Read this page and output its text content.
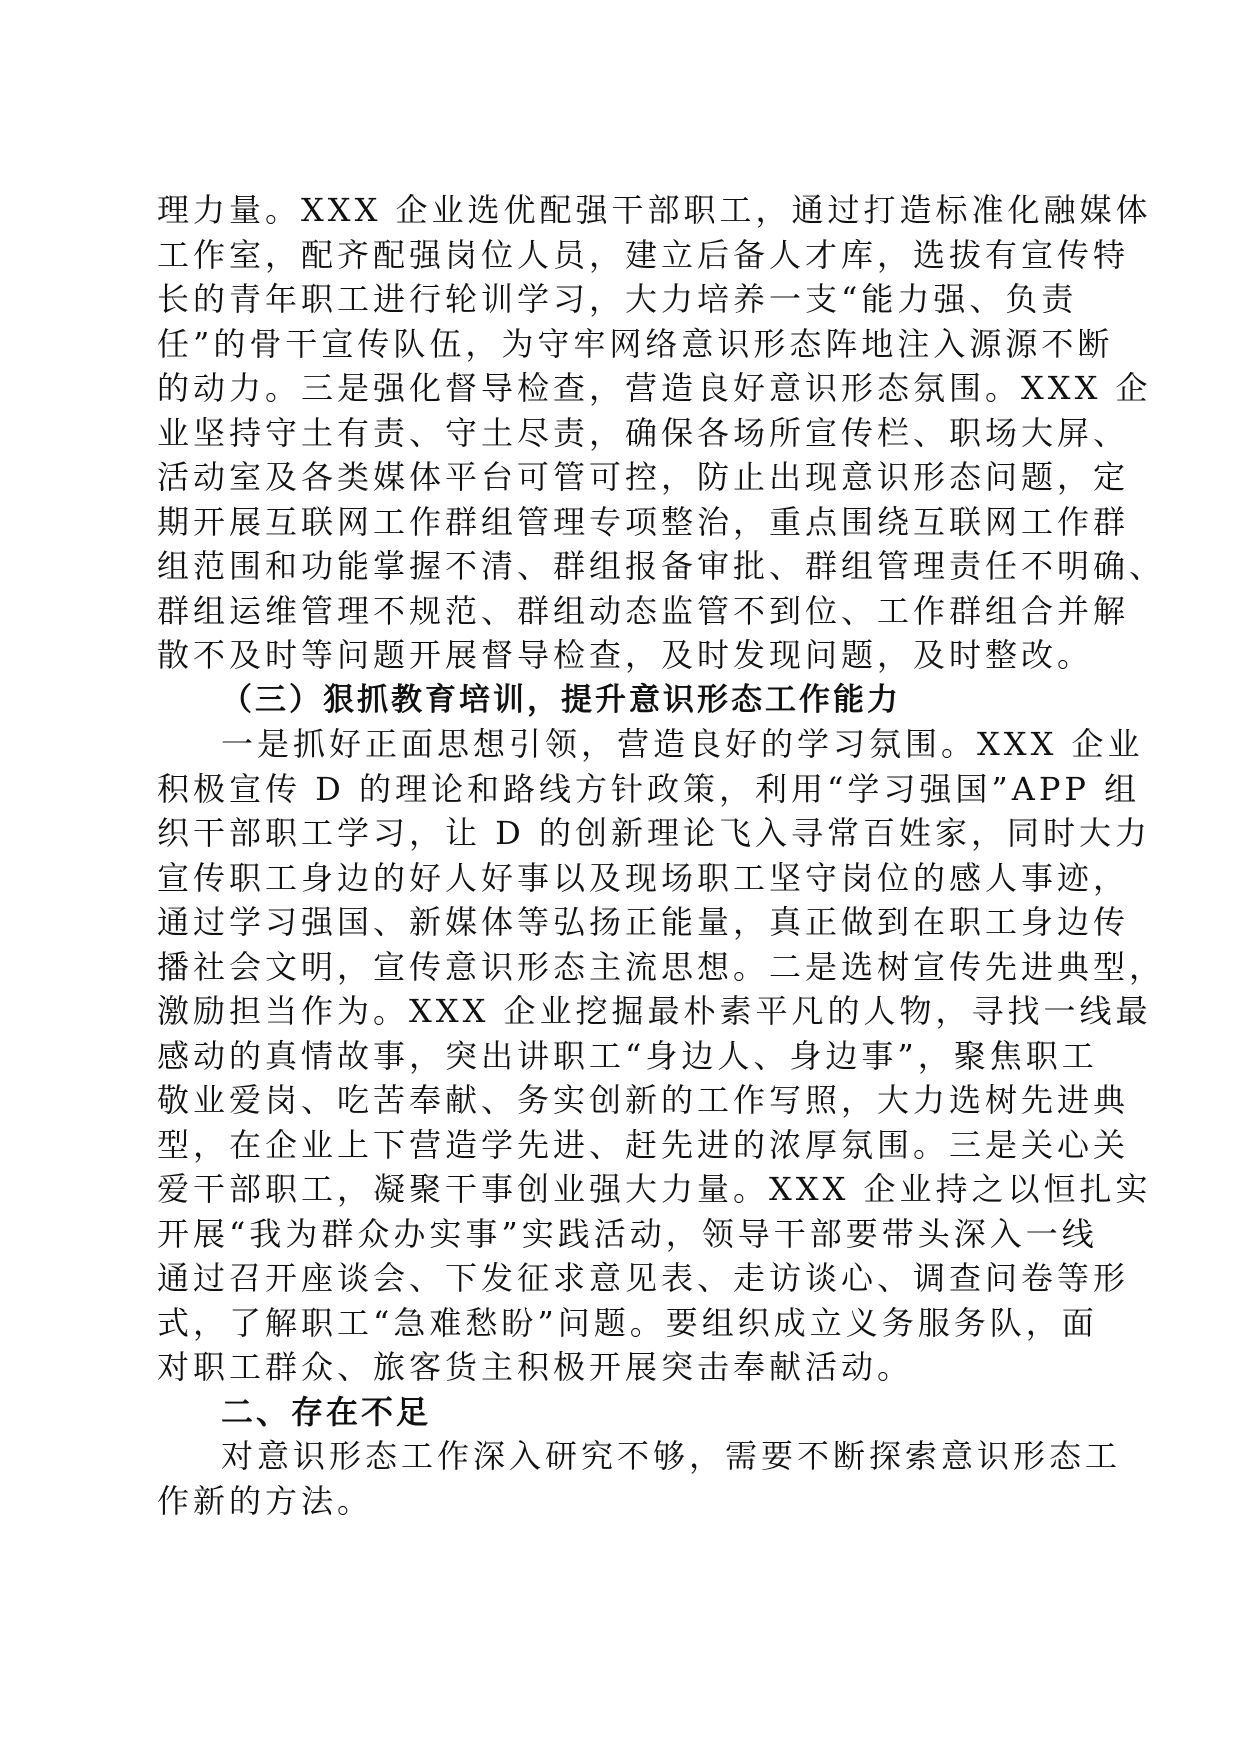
理力量。XXX 企业选优配强干部职工，通过打造标准化融媒体
工作室，配齐配强岗位人员，建立后备人才库，选拔有宣传特
长的青年职工进行轮训学习，大力培养一支“能力强、负责
任”的骨干宣传队伍，为守牢网络意识形态阵地注入源源不断
的动力。三是强化督导检查，营造良好意识形态氛围。XXX 企
业坚持守土有责、守土尽责，确保各场所宣传栏、职场大屏、
活动室及各类媒体平台可管可控，防止出现意识形态问题，定
期开展互联网工作群组管理专项整治，重点围绕互联网工作群
组范围和功能掌握不清、群组报备审批、群组管理责任不明确、
群组运维管理不规范、群组动态监管不到位、工作群组合并解
散不及时等问题开展督导检查，及时发现问题，及时整改。
（三）狠抓教育培训，提升意识形态工作能力
一是抓好正面思想引领，营造良好的学习氛围。XXX 企业
积极宣传 D 的理论和路线方针政策，利用“学习强国”APP 组
织干部职工学习，让 D 的创新理论飞入寻常百姓家，同时大力
宣传职工身边的好人好事以及现场职工坚守岗位的感人事迹，
通过学习强国、新媒体等弘扬正能量，真正做到在职工身边传
播社会文明，宣传意识形态主流思想。二是选树宣传先进典型，
激励担当作为。XXX 企业挖掘最朴素平凡的人物，寻找一线最
感动的真情故事，突出讲职工“身边人、身边事”，聚焦职工
敬业爱岗、吃苦奉献、务实创新的工作写照，大力选树先进典
型，在企业上下营造学先进、赶先进的浓厚氛围。三是关心关
爱干部职工，凝聚干事创业强大力量。XXX 企业持之以恒扎实
开展“我为群众办实事”实践活动，领导干部要带头深入一线
通过召开座谈会、下发征求意见表、走访谈心、调查问卷等形
式，了解职工“急难愁盼”问题。要组织成立义务服务队，面
对职工群众、旅客货主积极开展突击奉献活动。
二、存在不足
对意识形态工作深入研究不够，需要不断探索意识形态工
作新的方法。
